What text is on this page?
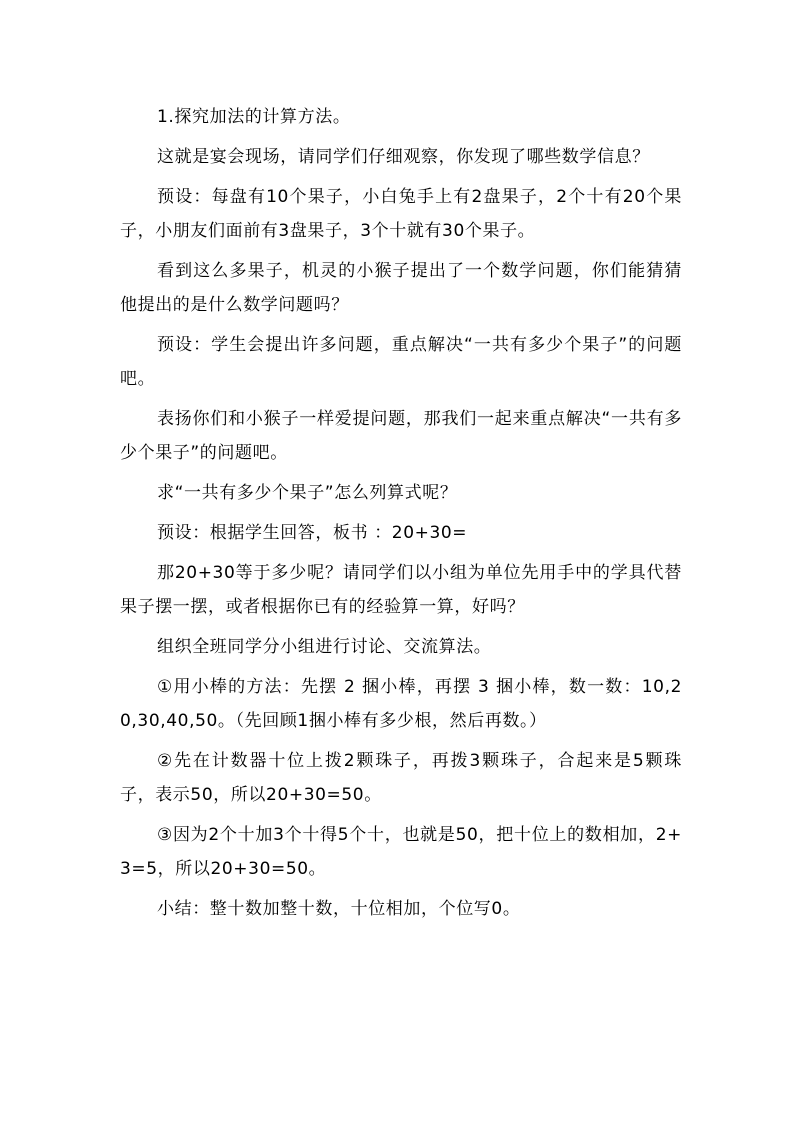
1.探究加法的计算方法。

这就是宴会现场，请同学们仔细观察，你发现了哪些数学信息？

预设：每盘有10个果子，小白兔手上有2盘果子，2个十有20个果子，小朋友们面前有3盘果子，3个十就有30个果子。

看到这么多果子，机灵的小猴子提出了一个数学问题，你们能猜猜他提出的是什么数学问题吗？

预设：学生会提出许多问题，重点解决“一共有多少个果子”的问题吧。

表扬你们和小猴子一样爱提问题，那我们一起来重点解决“一共有多少个果子”的问题吧。

求“一共有多少个果子”怎么列算式呢？

预设：根据学生回答，板书 ：20+30=

那20+30等于多少呢？请同学们以小组为单位先用手中的学具代替果子摆一摆，或者根据你已有的经验算一算，好吗？

组织全班同学分小组进行讨论、交流算法。

①用小棒的方法：先摆 2 捆小棒，再摆 3 捆小棒，数一数：10,20,30,40,50。（先回顾1捆小棒有多少根，然后再数。）

②先在计数器十位上拨2颗珠子，再拨3颗珠子，合起来是5颗珠子，表示50，所以20+30=50。

③因为2个十加3个十得5个十，也就是50，把十位上的数相加，2+3=5，所以20+30=50。

小结：整十数加整十数，十位相加，个位写0。
